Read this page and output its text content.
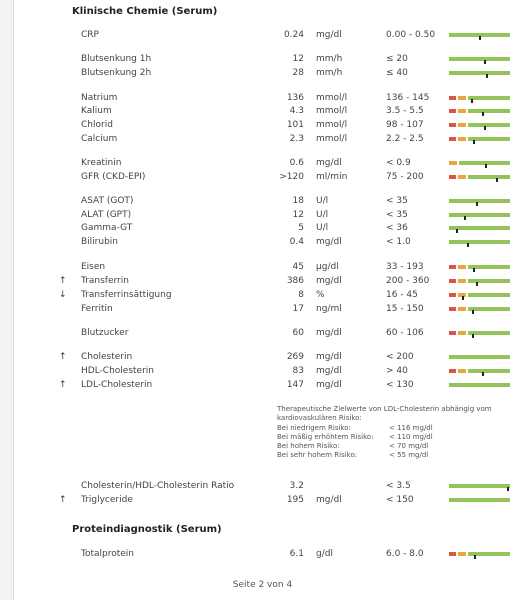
Klinische Chemie (Serum)
CRP	0.24 mg/dl	0.00 - 0.50
Blutsenkung 1h	12 mm/h	≤ 20
Blutsenkung 2h	28 mm/h	≤ 40
Natrium	136 mmol/l	136 - 145
Kalium	4.3 mmol/l	3.5 - 5.5
Chlorid	101 mmol/l	98 - 107
Calcium	2.3 mmol/l	2.2 - 2.5
Kreatinin	0.6 mg/dl	< 0.9
GFR (CKD-EPI)	>120 ml/min	75 - 200
ASAT (GOT)	18 U/l	< 35
ALAT (GPT)	12 U/l	< 35
Gamma-GT	5 U/l	< 36
Bilirubin	0.4 mg/dl	< 1.0
Eisen	45 µg/dl	33 - 193
↑ Transferrin	386 mg/dl	200 - 360
↓ Transferrinsättigung	8 %	16 - 45
Ferritin	17 ng/ml	15 - 150
Blutzucker	60 mg/dl	60 - 106
↑ Cholesterin	269 mg/dl	< 200
HDL-Cholesterin	83 mg/dl	> 40
↑ LDL-Cholesterin	147 mg/dl	< 130
Cholesterin/HDL-Cholesterin Ratio	3.2	< 3.5
↑ Triglyceride	195 mg/dl	< 150
Totalprotein	6.1 g/dl	6.0 - 8.0
Therapeutische Zielwerte von LDL-Cholesterin abhängig vom
kardiovaskulären Risiko:
Bei niedrigem Risiko:	< 116 mg/dl
Bei mäßig erhöhtem Risiko: < 110 mg/dl
Bei hohem Risiko:	< 70 mg/dl
Bei sehr hohem Risiko:	< 55 mg/dl
Proteindiagnostik (Serum)
Seite 2 von 4
